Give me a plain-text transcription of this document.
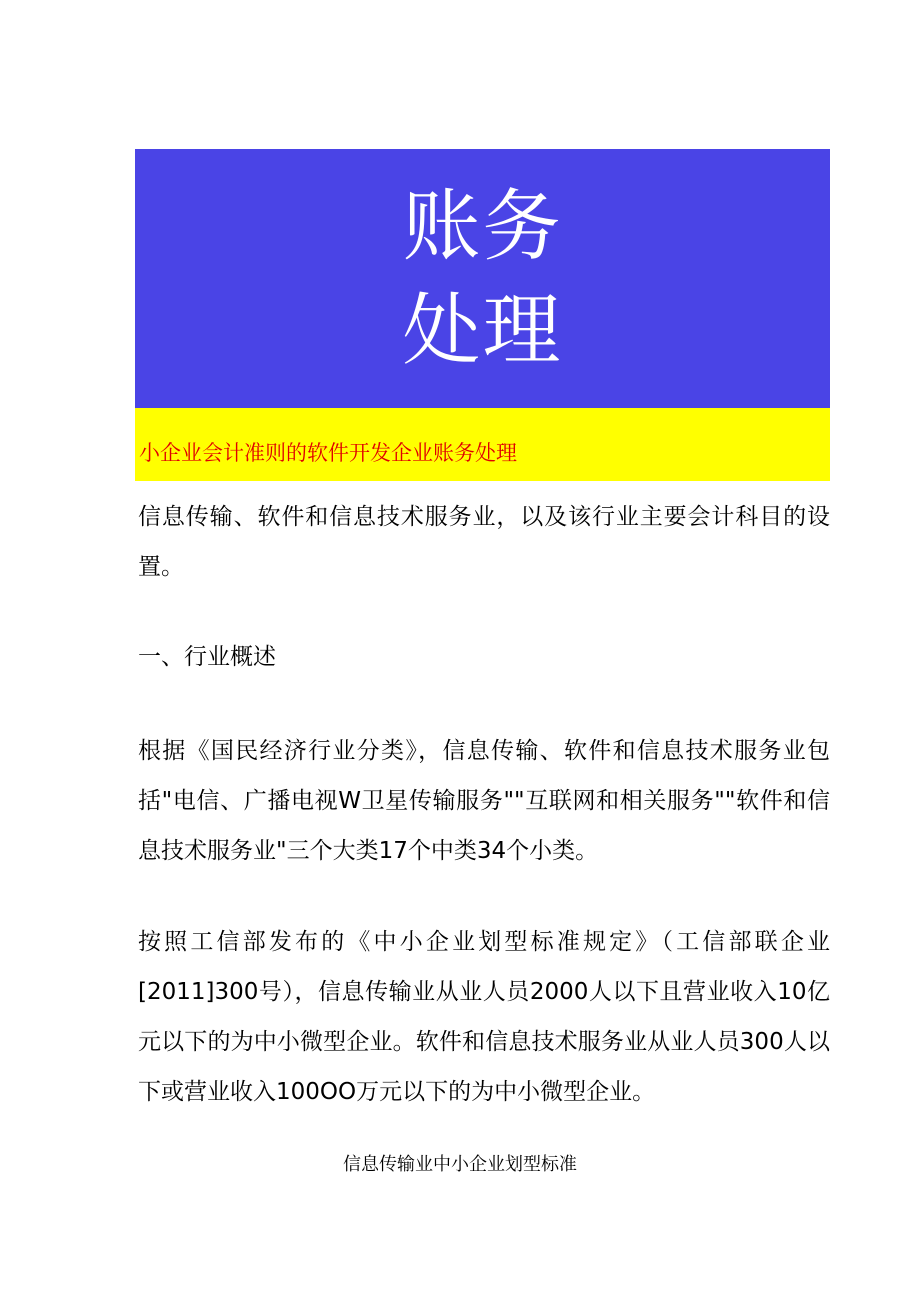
账务
处理
小企业会计准则的软件开发企业账务处理
信息传输、软件和信息技术服务业，以及该行业主要会计科目的设置。
一、行业概述
根据《国民经济行业分类》，信息传输、软件和信息技术服务业包括"电信、广播电视W卫星传输服务""互联网和相关服务""软件和信息技术服务业"三个大类17个中类34个小类。
按照工信部发布的《中小企业划型标准规定》（工信部联企业[2011]300号），信息传输业从业人员2000人以下且营业收入10亿元以下的为中小微型企业。软件和信息技术服务业从业人员300人以下或营业收入100OO万元以下的为中小微型企业。
信息传输业中小企业划型标准
